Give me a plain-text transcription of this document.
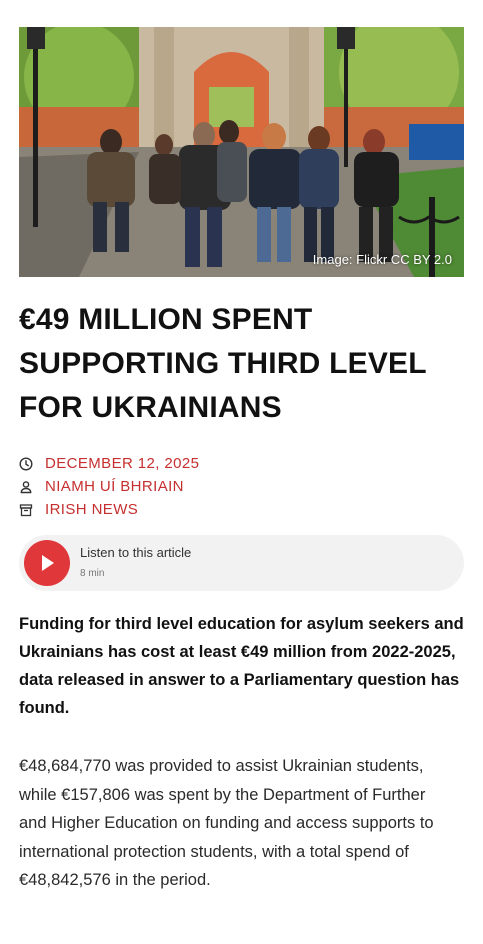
Image: Flickr CC BY 2.0
€49 MILLION SPENT SUPPORTING THIRD LEVEL FOR UKRAINIANS
DECEMBER 12, 2025
NIAMH UÍ BHRIAIN
IRISH NEWS
Listen to this article
8 min

Funding for third level education for asylum seekers and Ukrainians has cost at least €49 million from 2022-2025, data released in answer to a Parliamentary question has found.

€48,684,770 was provided to assist Ukrainian students, while €157,806 was spent by the Department of Further and Higher Education on funding and access supports to international protection students, with a total spend of €48,842,576 in the period.
